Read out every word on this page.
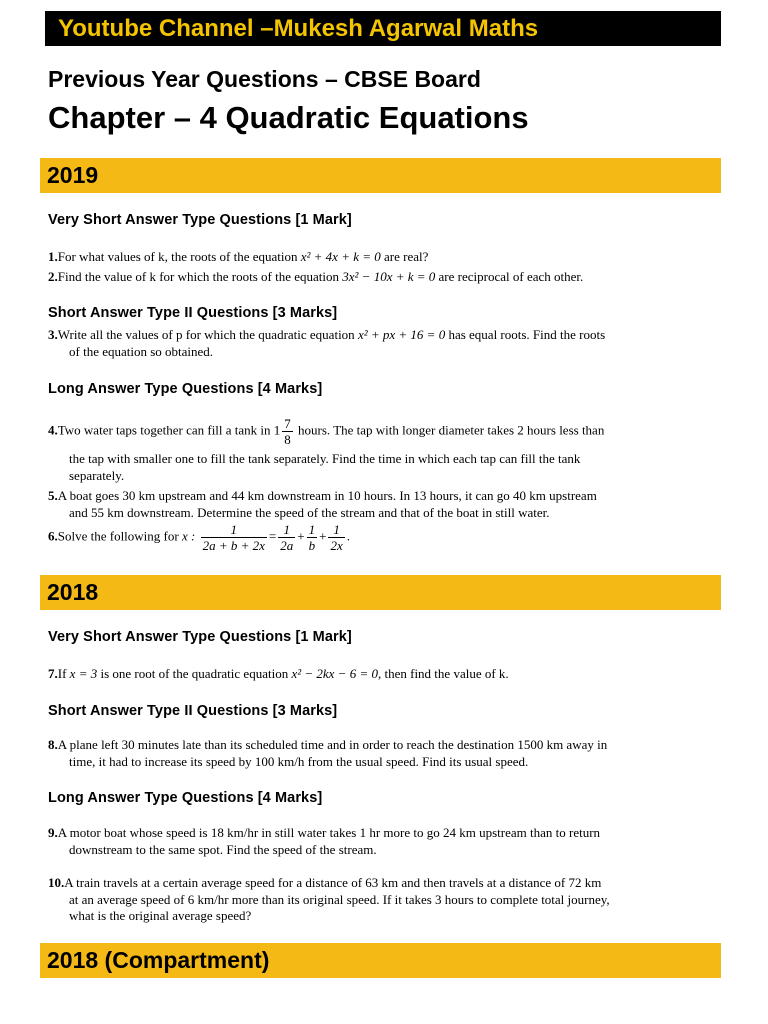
Youtube Channel –Mukesh Agarwal Maths
Previous Year Questions – CBSE Board
Chapter – 4 Quadratic Equations
2019
Very Short Answer Type Questions [1 Mark]
1.For what values of k, the roots of the equation x² + 4x + k = 0 are real?
2.Find the value of k for which the roots of the equation 3x² − 10x + k = 0 are reciprocal of each other.
Short Answer Type II Questions [3 Marks]
3.Write all the values of p for which the quadratic equation x² + px + 16 = 0 has equal roots. Find the roots
of the equation so obtained.
Long Answer Type Questions [4 Marks]
4.Two water taps together can fill a tank in $1 \frac{7}{8}$ hours. The tap with longer diameter takes 2 hours less than
the tap with smaller one to fill the tank separately. Find the time in which each tap can fill the tank
separately.
5.A boat goes 30 km upstream and 44 km downstream in 10 hours. In 13 hours, it can go 40 km upstream
and 55 km downstream. Determine the speed of the stream and that of the boat in still water.
6.Solve the following for x : $\frac{1}{2a + b + 2x} = \frac{1}{2a} + \frac{1}{b} + \frac{1}{2x}$ .
2018
Very Short Answer Type Questions [1 Mark]
7.If x = 3 is one root of the quadratic equation x² − 2kx − 6 = 0, then find the value of k.
Short Answer Type II Questions [3 Marks]
8.A plane left 30 minutes late than its scheduled time and in order to reach the destination 1500 km away in
time, it had to increase its speed by 100 km/h from the usual speed. Find its usual speed.
Long Answer Type Questions [4 Marks]
9.A motor boat whose speed is 18 km/hr in still water takes 1 hr more to go 24 km upstream than to return
downstream to the same spot. Find the speed of the stream.
10.A train travels at a certain average speed for a distance of 63 km and then travels at a distance of 72 km
at an average speed of 6 km/hr more than its original speed. If it takes 3 hours to complete total journey,
what is the original average speed?
2018 (Compartment)
